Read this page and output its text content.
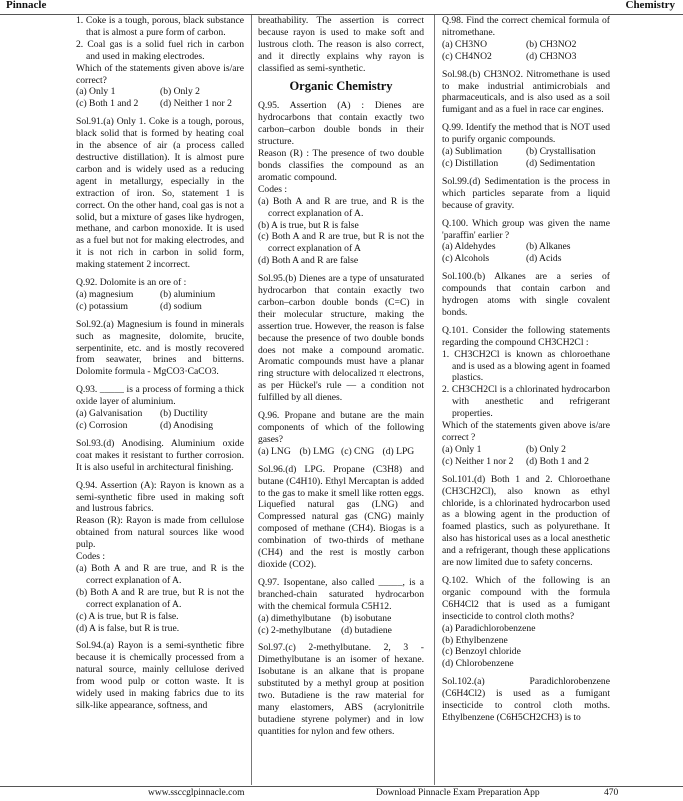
Pinnacle	Chemistry

1. Coke is a tough, porous, black substance that is almost a pure form of carbon.

2. Coal gas is a solid fuel rich in carbon and used in making electrodes.

Which of the statements given above is/are correct?

(a) Only 1	(b) Only 2
(c) Both 1 and 2	(d) Neither 1 nor 2

Sol.91.(a) Only 1. Coke is a tough, porous, black solid that is formed by heating coal in the absence of air (a process called destructive distillation). It is almost pure carbon and is widely used as a reducing agent in metallurgy, especially in the extraction of iron. So, statement 1 is correct. On the other hand, coal gas is not a solid, but a mixture of gases like hydrogen, methane, and carbon monoxide. It is used as a fuel but not for making electrodes, and it is not rich in carbon in solid form, making statement 2 incorrect.

Q.92. Dolomite is an ore of :

(a) magnesium	(b) aluminium
(c) potassium	(d) sodium

Sol.92.(a) Magnesium is found in minerals such as magnesite, dolomite, brucite, serpentinite, etc. and is mostly recovered from seawater, brines and bitterns. Dolomite formula - MgCO3·CaCO3.

Q.93. _____ is a process of forming a thick oxide layer of aluminium.

(a) Galvanisation	(b) Ductility
(c) Corrosion	(d) Anodising

Sol.93.(d) Anodising. Aluminium oxide coat makes it resistant to further corrosion. It is also useful in architectural finishing.

Q.94. Assertion (A): Rayon is known as a semi-synthetic fibre used in making soft and lustrous fabrics.

Reason (R): Rayon is made from cellulose obtained from natural sources like wood pulp.

Codes :

(a) Both A and R are true, and R is the correct explanation of A.

(b) Both A and R are true, but R is not the correct explanation of A.

(c) A is true, but R is false.

(d) A is false, but R is true.

Sol.94.(a) Rayon is a semi-synthetic fibre because it is chemically processed from a natural source, mainly cellulose derived from wood pulp or cotton waste. It is widely used in making fabrics due to its silk-like appearance, softness, and

breathability. The assertion is correct because rayon is used to make soft and lustrous cloth. The reason is also correct, and it directly explains why rayon is classified as semi-synthetic.

Organic Chemistry

Q.95. Assertion (A) : Dienes are hydrocarbons that contain exactly two carbon–carbon double bonds in their structure.

Reason (R) : The presence of two double bonds classifies the compound as an aromatic compound.

Codes :

(a) Both A and R are true, and R is the correct explanation of A.

(b) A is true, but R is false

(c) Both A and R are true, but R is not the correct explanation of A

(d) Both A and R are false

Sol.95.(b) Dienes are a type of unsaturated hydrocarbon that contain exactly two carbon–carbon double bonds (C=C) in their molecular structure, making the assertion true. However, the reason is false because the presence of two double bonds does not make a compound aromatic. Aromatic compounds must have a planar ring structure with delocalized π electrons, as per Hückel's rule — a condition not fulfilled by all dienes.

Q.96. Propane and butane are the main components of which of the following gases?

(a) LNG (b) LMG (c) CNG (d) LPG

Sol.96.(d) LPG. Propane (C3H8) and butane (C4H10). Ethyl Mercaptan is added to the gas to make it smell like rotten eggs. Liquefied natural gas (LNG) and Compressed natural gas (CNG) mainly composed of methane (CH4). Biogas is a combination of two-thirds of methane (CH4) and the rest is mostly carbon dioxide (CO2).

Q.97. Isopentane, also called _____, is a branched-chain saturated hydrocarbon with the chemical formula C5H12.

(a) dimethylbutane	(b) isobutane
(c) 2-methylbutane	(d) butadiene

Sol.97.(c) 2-methylbutane. 2, 3 - Dimethylbutane is an isomer of hexane. Isobutane is an alkane that is propane substituted by a methyl group at position two. Butadiene is the raw material for many elastomers, ABS (acrylonitrile butadiene styrene polymer) and in low quantities for nylon and few others.

Q.98. Find the correct chemical formula of nitromethane.

(a) CH3NO	(b) CH3NO2
(c) CH4NO2	(d) CH3NO3

Sol.98.(b) CH3NO2. Nitromethane is used to make industrial antimicrobials and pharmaceuticals, and is also used as a soil fumigant and as a fuel in race car engines.

Q.99. Identify the method that is NOT used to purify organic compounds.

(a) Sublimation	(b) Crystallisation
(c) Distillation	(d) Sedimentation

Sol.99.(d) Sedimentation is the process in which particles separate from a liquid because of gravity.

Q.100. Which group was given the name 'paraffin' earlier ?

(a) Aldehydes	(b) Alkanes
(c) Alcohols	(d) Acids

Sol.100.(b) Alkanes are a series of compounds that contain carbon and hydrogen atoms with single covalent bonds.

Q.101. Consider the following statements regarding the compound CH3CH2Cl :

1. CH3CH2Cl is known as chloroethane and is used as a blowing agent in foamed plastics.

2. CH3CH2Cl is a chlorinated hydrocarbon with anesthetic and refrigerant properties.

Which of the statements given above is/are correct ?

(a) Only 1	(b) Only 2
(c) Neither 1 nor 2	(d) Both 1 and 2

Sol.101.(d) Both 1 and 2. Chloroethane (CH3CH2Cl), also known as ethyl chloride, is a chlorinated hydrocarbon used as a blowing agent in the production of foamed plastics, such as polyurethane. It also has historical uses as a local anesthetic and a refrigerant, though these applications are now limited due to safety concerns.

Q.102. Which of the following is an organic compound with the formula C6H4Cl2 that is used as a fumigant insecticide to control cloth moths?

(a) Paradichlorobenzene

(b) Ethylbenzene

(c) Benzoyl chloride

(d) Chlorobenzene

Sol.102.(a) Paradichlorobenzene (C6H4Cl2) is used as a fumigant insecticide to control cloth moths. Ethylbenzene (C6H5CH2CH3) is to

www.ssccglpinnacle.com	Download Pinnacle Exam Preparation App	470
